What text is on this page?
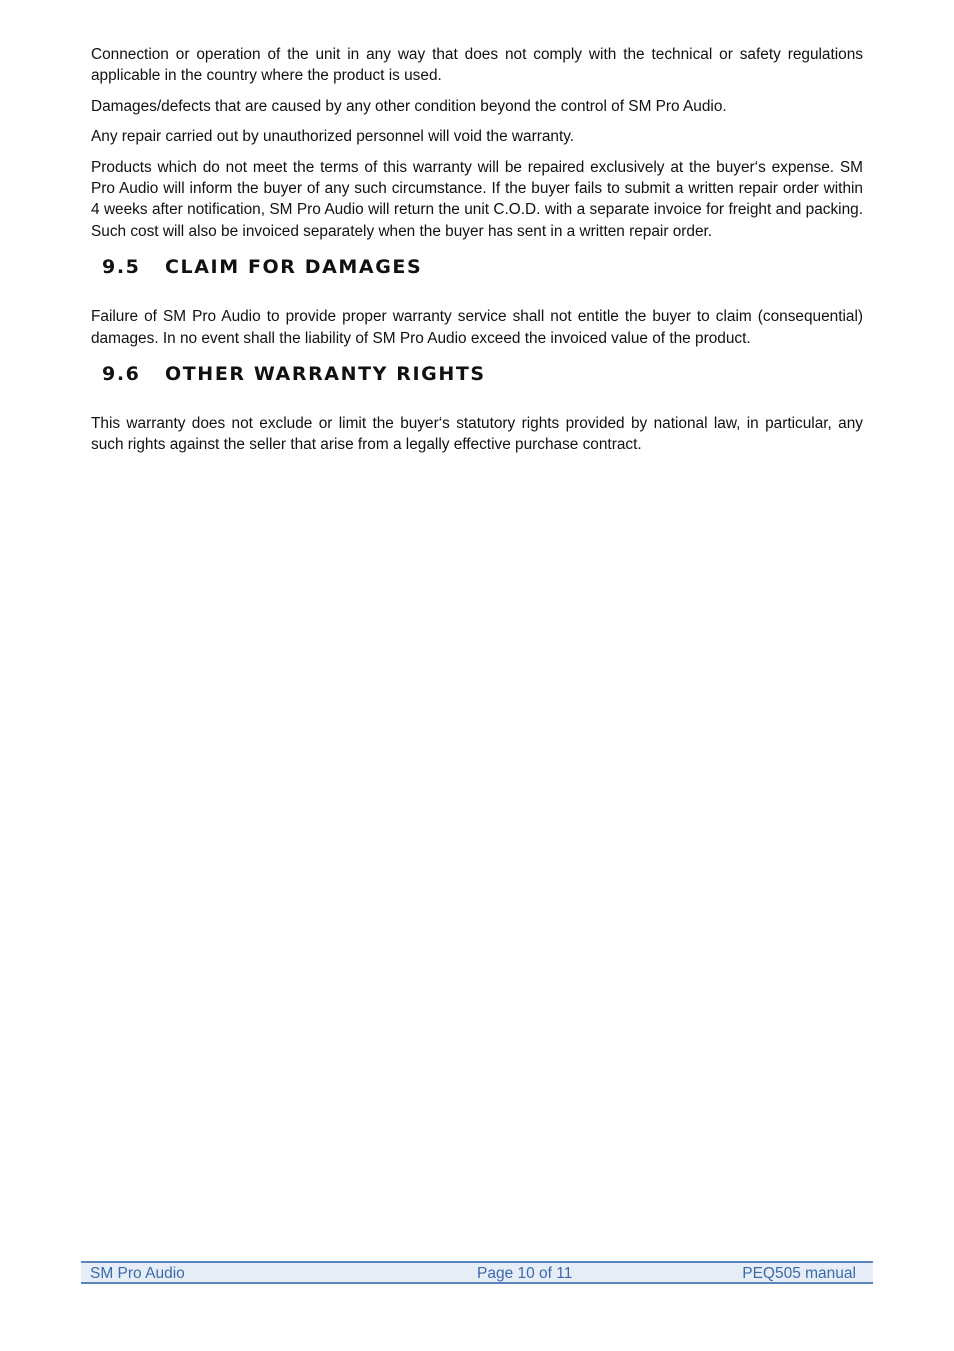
Connection or operation of the unit in any way that does not comply with the technical or safety regulations applicable in the country where the product is used.

Damages/defects that are caused by any other condition beyond the control of SM Pro Audio.

Any repair carried out by unauthorized personnel will void the warranty.

Products which do not meet the terms of this warranty will be repaired exclusively at the buyer‘s expense. SM Pro Audio will inform the buyer of any such circumstance. If the buyer fails to submit a written repair order within 4 weeks after notification, SM Pro Audio will return the unit C.O.D. with a separate invoice for freight and packing. Such cost will also be invoiced separately when the buyer has sent in a written repair order.

9.5	CLAIM FOR DAMAGES

Failure of SM Pro Audio to provide proper warranty service shall not entitle the buyer to claim (consequential) damages. In no event shall the liability of SM Pro Audio exceed the invoiced value of the product.

9.6	OTHER WARRANTY RIGHTS

This warranty does not exclude or limit the buyer‘s statutory rights provided by national law, in particular, any such rights against the seller that arise from a legally effective purchase contract.

SM Pro Audio	Page 10 of 11	PEQ505 manual
